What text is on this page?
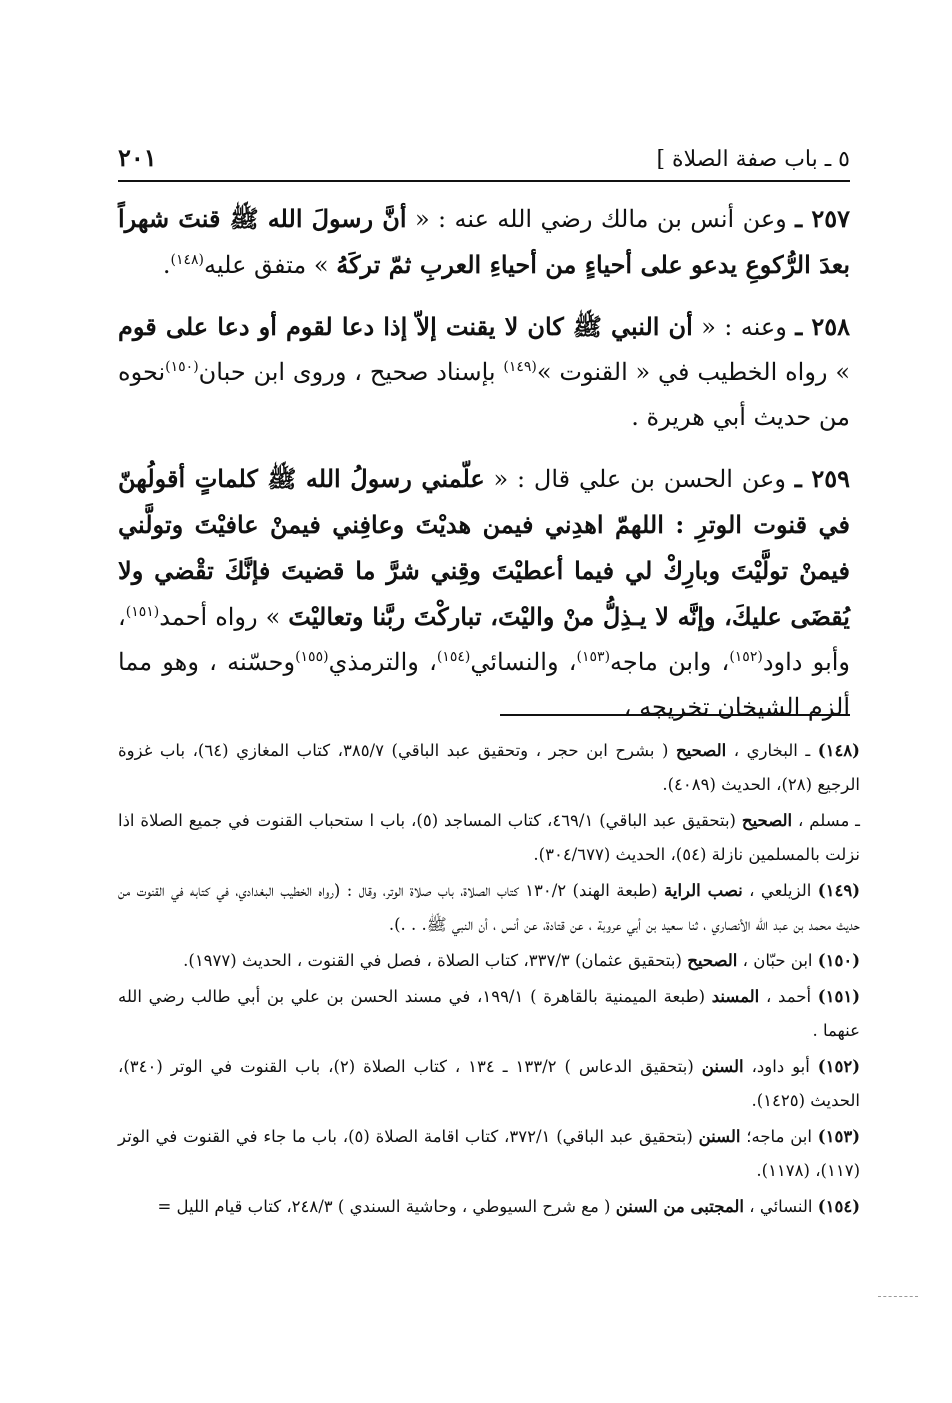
٥ ـ باب صفة الصلاة ]
٢٠١

٢٥٧ ـ وعن أنس بن مالك رضي الله عنه : « أنَّ رسولَ الله ﷺ قنتَ شهراً بعدَ الرُّكوعِ يدعو على أحياءٍ من أحياءِ العربِ ثمّ تركَهُ » متفق عليه$^{(١٤٨)}$.

٢٥٨ ـ وعنه : « أن النبي ﷺ كان لا يقنت إلاّ إذا دعا لقوم أو دعا على قوم » رواه الخطيب في « القنوت »$^{(١٤٩)}$ بإسناد صحيح ، وروى ابن حبان$^{(١٥٠)}$نحوه من حديث أبي هريرة .

٢٥٩ ـ وعن الحسن بن علي قال : « علّمني رسولُ الله ﷺ كلماتٍ أقولُهنّ في قنوت الوترِ : اللهمّ اهدِني فيمن هديْتَ وعافِني فيمنْ عافيْتَ وتولَّني فيمنْ تولَّيْتَ وبارِكْ لي فيما أعطيْتَ وقِني شرَّ ما قضيتَ فإنَّكَ تقْضي ولا يُقضَى عليكَ، وإنَّه لا يـذِلُّ منْ واليْتَ، تباركْتَ ربَّنا وتعاليْتَ » رواه أحمد$^{(١٥١)}$، وأبو داود$^{(١٥٢)}$، وابن ماجه$^{(١٥٣)}$، والنسائي$^{(١٥٤)}$، والترمذي$^{(١٥٥)}$وحسّنه ، وهو مما ألزم الشيخان تخريجه ،

(١٤٨) ـ البخاري ، الصحيح ( بشرح ابن حجر ، وتحقيق عبد الباقي) ٣٨٥/٧، كتاب المغازي (٦٤)، باب غزوة الرجيع (٢٨)، الحديث (٤٠٨٩).

ـ مسلم ، الصحيح (بتحقيق عبد الباقي) ٤٦٩/١، كتاب المساجد (٥)، باب ا ستحباب القنوت في جميع الصلاة اذا نزلت بالمسلمين نازلة (٥٤)، الحديث (٣٠٤/٦٧٧).

(١٤٩) الزيلعي ، نصب الراية (طبعة الهند) ١٣٠/٢ كتاب الصلاة، باب صلاة الوتر، وقال : (رواه الخطيب البغدادي، في كتابه في القنوت من حديث محمد بن عبد الله الأنصاري ، ثنا سعيد بن أبي عروبة ، عن قتادة، عن أنس ، أن النبي ﷺ. . .).

(١٥٠) ابن حبّان ، الصحيح (بتحقيق عثمان) ٣٣٧/٣، كتاب الصلاة ، فصل في القنوت ، الحديث (١٩٧٧).

(١٥١) أحمد ، المسند (طبعة الميمنية بالقاهرة ) ١٩٩/١، في مسند الحسن بن علي بن أبي طالب رضي الله عنهما .

(١٥٢) أبو داود، السنن (بتحقيق الدعاس ) ١٣٣/٢ ـ ١٣٤ ، كتاب الصلاة (٢)، باب القنوت في الوتر (٣٤٠)، الحديث (١٤٢٥).

(١٥٣) ابن ماجه؛ السنن (بتحقيق عبد الباقي) ٣٧٢/١، كتاب اقامة الصلاة (٥)، باب ما جاء في القنوت في الوتر (١١٧)، (١١٧٨).

(١٥٤) النسائي ، المجتبى من السنن ( مع شرح السيوطي ، وحاشية السندي ) ٢٤٨/٣، كتاب قيام الليل =
